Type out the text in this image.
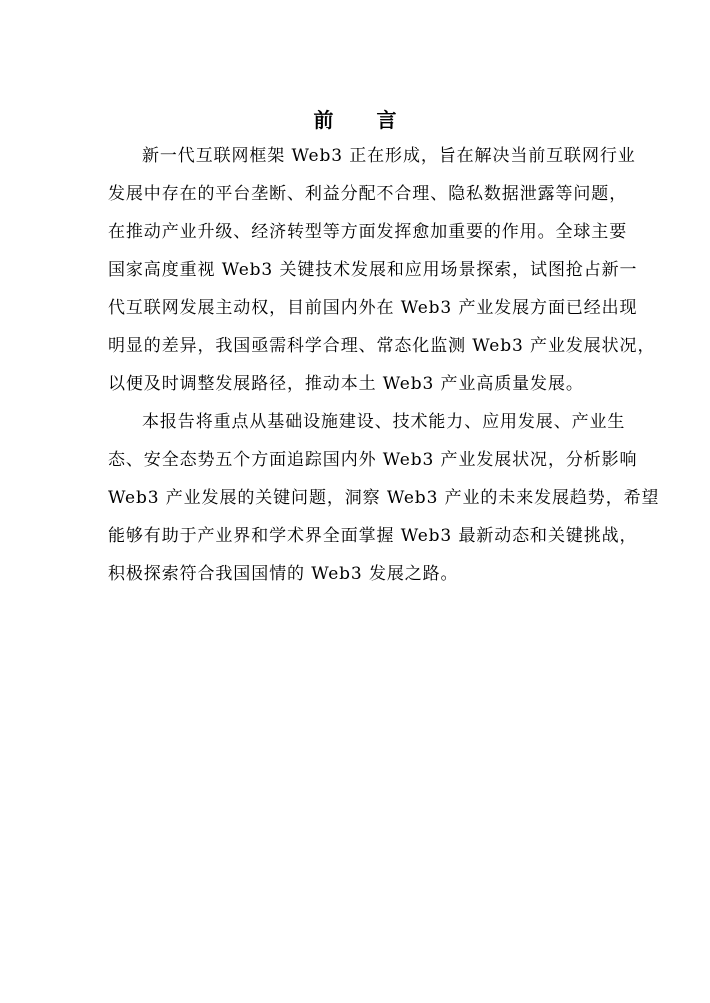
前 言
新一代互联网框架 Web3 正在形成，旨在解决当前互联网行业
发展中存在的平台垄断、利益分配不合理、隐私数据泄露等问题，
在推动产业升级、经济转型等方面发挥愈加重要的作用。全球主要
国家高度重视 Web3 关键技术发展和应用场景探索，试图抢占新一
代互联网发展主动权，目前国内外在 Web3 产业发展方面已经出现
明显的差异，我国亟需科学合理、常态化监测 Web3 产业发展状况，
以便及时调整发展路径，推动本土 Web3 产业高质量发展。
本报告将重点从基础设施建设、技术能力、应用发展、产业生
态、安全态势五个方面追踪国内外 Web3 产业发展状况，分析影响
Web3 产业发展的关键问题，洞察 Web3 产业的未来发展趋势，希望
能够有助于产业界和学术界全面掌握 Web3 最新动态和关键挑战，
积极探索符合我国国情的 Web3 发展之路。
